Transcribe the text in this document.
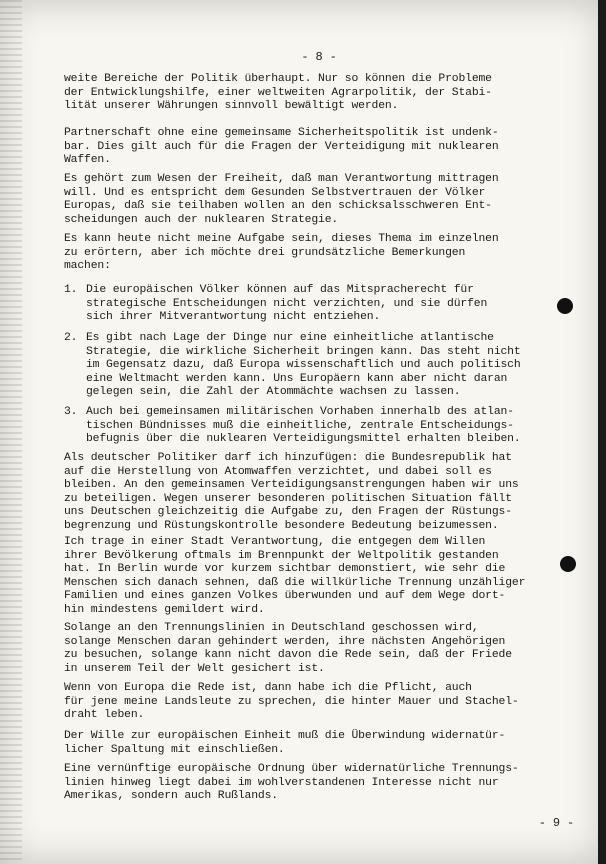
- 8 -

weite Bereiche der Politik überhaupt. Nur so können die Probleme
der Entwicklungshilfe, einer weltweiten Agrarpolitik, der Stabi-
lität unserer Währungen sinnvoll bewältigt werden.

Partnerschaft ohne eine gemeinsame Sicherheitspolitik ist undenk-
bar. Dies gilt auch für die Fragen der Verteidigung mit nuklearen
Waffen.

Es gehört zum Wesen der Freiheit, daß man Verantwortung mittragen
will. Und es entspricht dem Gesunden Selbstvertrauen der Völker
Europas, daß sie teilhaben wollen an den schicksalsschweren Ent-
scheidungen auch der nuklearen Strategie.

Es kann heute nicht meine Aufgabe sein, dieses Thema im einzelnen
zu erörtern, aber ich möchte drei grundsätzliche Bemerkungen
machen:

1.

Die europäischen Völker können auf das Mitspracherecht für
strategische Entscheidungen nicht verzichten, und sie dürfen
sich ihrer Mitverantwortung nicht entziehen.

2.

Es gibt nach Lage der Dinge nur eine einheitliche atlantische
Strategie, die wirkliche Sicherheit bringen kann. Das steht nicht
im Gegensatz dazu, daß Europa wissenschaftlich und auch politisch
eine Weltmacht werden kann. Uns Europäern kann aber nicht daran
gelegen sein, die Zahl der Atommächte wachsen zu lassen.

3.

Auch bei gemeinsamen militärischen Vorhaben innerhalb des atlan-
tischen Bündnisses muß die einheitliche, zentrale Entscheidungs-
befugnis über die nuklearen Verteidigungsmittel erhalten bleiben.

Als deutscher Politiker darf ich hinzufügen: die Bundesrepublik hat
auf die Herstellung von Atomwaffen verzichtet, und dabei soll es
bleiben. An den gemeinsamen Verteidigungsanstrengungen haben wir uns
zu beteiligen. Wegen unserer besonderen politischen Situation fällt
uns Deutschen gleichzeitig die Aufgabe zu, den Fragen der Rüstungs-
begrenzung und Rüstungskontrolle besondere Bedeutung beizumessen.

Ich trage in einer Stadt Verantwortung, die entgegen dem Willen
ihrer Bevölkerung oftmals im Brennpunkt der Weltpolitik gestanden
hat. In Berlin wurde vor kurzem sichtbar demonstiert, wie sehr die
Menschen sich danach sehnen, daß die willkürliche Trennung unzähliger
Familien und eines ganzen Volkes überwunden und auf dem Wege dort-
hin mindestens gemildert wird.

Solange an den Trennungslinien in Deutschland geschossen wird,
solange Menschen daran gehindert werden, ihre nächsten Angehörigen
zu besuchen, solange kann nicht davon die Rede sein, daß der Friede
in unserem Teil der Welt gesichert ist.

Wenn von Europa die Rede ist, dann habe ich die Pflicht, auch
für jene meine Landsleute zu sprechen, die hinter Mauer und Stachel-
draht leben.

Der Wille zur europäischen Einheit muß die Überwindung widernatür-
licher Spaltung mit einschließen.

Eine vernünftige europäische Ordnung über widernatürliche Trennungs-
linien hinweg liegt dabei im wohlverstandenen Interesse nicht nur
Amerikas, sondern auch Rußlands.

- 9 -
